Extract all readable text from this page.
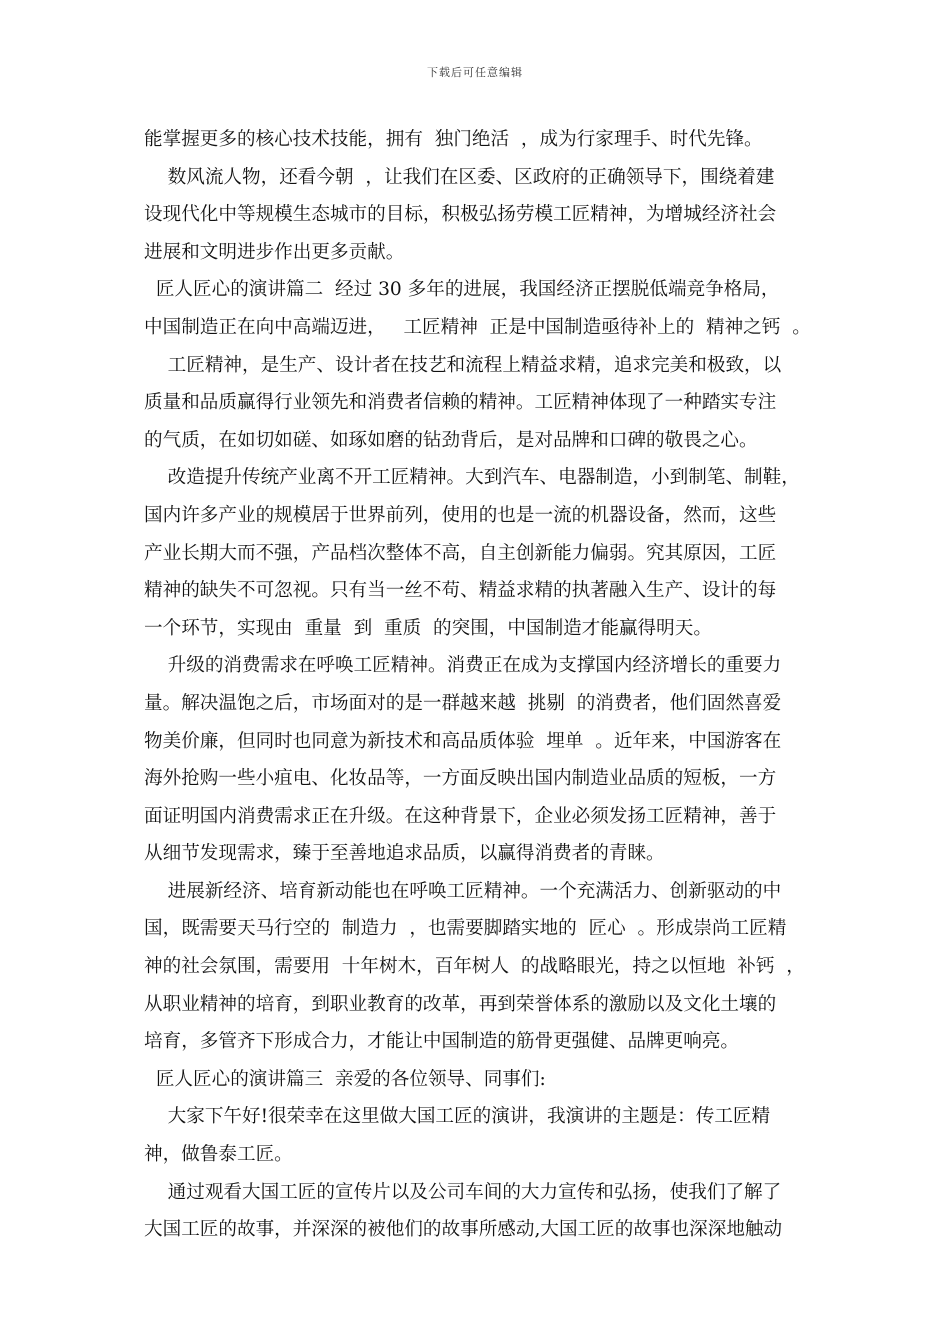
下载后可任意编辑
能掌握更多的核心技术技能，拥有  独门绝活  ，成为行家理手、时代先锋。
数风流人物，还看今朝  ，让我们在区委、区政府的正确领导下，围绕着建
设现代化中等规模生态城市的目标，积极弘扬劳模工匠精神，为增城经济社会
进展和文明进步作出更多贡献。
匠人匠心的演讲篇二  经过 30 多年的进展，我国经济正摆脱低端竞争格局，
中国制造正在向中高端迈进，   工匠精神  正是中国制造亟待补上的  精神之钙  。
工匠精神，是生产、设计者在技艺和流程上精益求精，追求完美和极致，以
质量和品质赢得行业领先和消费者信赖的精神。工匠精神体现了一种踏实专注
的气质，在如切如磋、如琢如磨的钻劲背后，是对品牌和口碑的敬畏之心。
改造提升传统产业离不开工匠精神。大到汽车、电器制造，小到制笔、制鞋，
国内许多产业的规模居于世界前列，使用的也是一流的机器设备，然而，这些
产业长期大而不强，产品档次整体不高，自主创新能力偏弱。究其原因，工匠
精神的缺失不可忽视。只有当一丝不苟、精益求精的执著融入生产、设计的每
一个环节，实现由  重量  到  重质  的突围，中国制造才能赢得明天。
升级的消费需求在呼唤工匠精神。消费正在成为支撑国内经济增长的重要力
量。解决温饱之后，市场面对的是一群越来越  挑剔  的消费者，他们固然喜爱
物美价廉，但同时也同意为新技术和高品质体验  埋单  。近年来，中国游客在
海外抢购一些小疽电、化妆品等，一方面反映出国内制造业品质的短板，一方
面证明国内消费需求正在升级。在这种背景下，企业必须发扬工匠精神，善于
从细节发现需求，臻于至善地追求品质，以赢得消费者的青睐。
进展新经济、培育新动能也在呼唤工匠精神。一个充满活力、创新驱动的中
国，既需要天马行空的  制造力  ，也需要脚踏实地的  匠心  。形成崇尚工匠精
神的社会氛围，需要用  十年树木，百年树人  的战略眼光，持之以恒地  补钙  ，
从职业精神的培育，到职业教育的改革，再到荣誉体系的激励以及文化土壤的
培育，多管齐下形成合力，才能让中国制造的筋骨更强健、品牌更响亮。
匠人匠心的演讲篇三  亲爱的各位领导、同事们:
大家下午好!很荣幸在这里做大国工匠的演讲，我演讲的主题是：传工匠精
神，做鲁泰工匠。
通过观看大国工匠的宣传片以及公司车间的大力宣传和弘扬，使我们了解了
大国工匠的故事，并深深的被他们的故事所感动,大国工匠的故事也深深地触动
